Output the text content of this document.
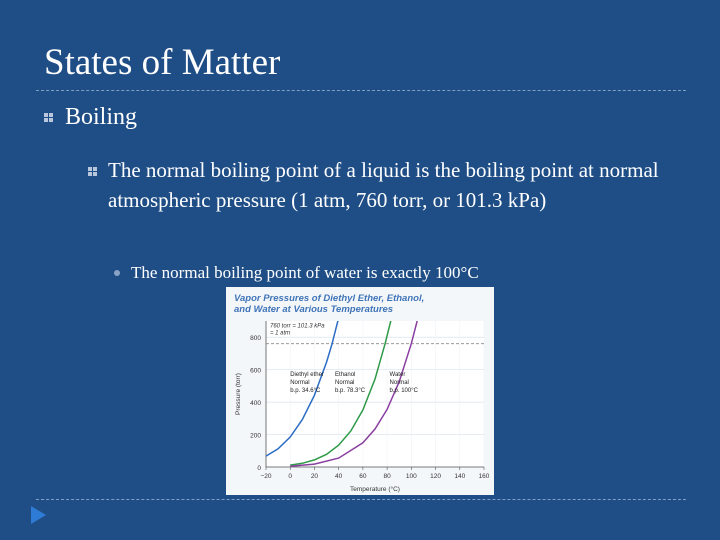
States of Matter
Boiling
The normal boiling point of a liquid is the boiling point at normal atmospheric pressure (1 atm, 760 torr, or 101.3 kPa)
The normal boiling point of water is exactly 100°C
Vapor Pressures of Diethyl Ether, Ethanol,
and Water at Various Temperatures
0
200
400
600
800
−20	0	20	40	60	80 100 120 140 160
Temperature (°C)
Pressure (torr)
760 torr = 101.3 kPa
= 1 atm
Diethyl ether
Normal
b.p. 34.6°C
Ethanol
Normal
b.p. 78.3°C
Water
Normal
b.p. 100°C
